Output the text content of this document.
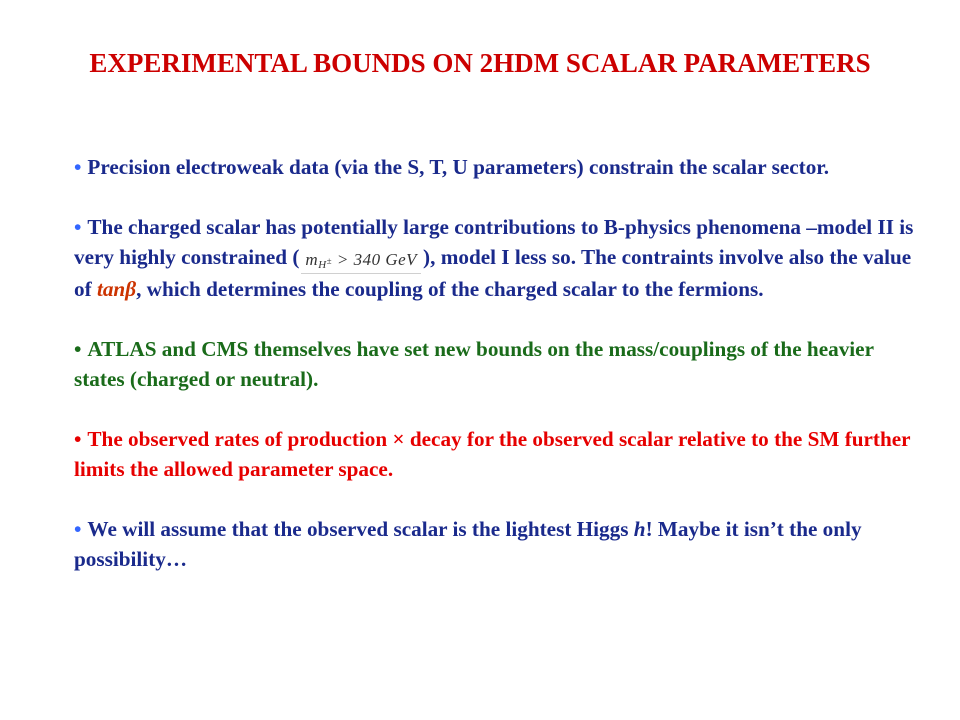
EXPERIMENTAL BOUNDS ON 2HDM SCALAR PARAMETERS

• Precision electroweak data (via the S, T, U parameters) constrain the scalar sector.

• The charged scalar has potentially large contributions to B-physics phenomena –model II is very highly constrained ( $m_{H^\pm} > 340$ GeV ), model I less so. The contraints involve also the value of tanβ, which determines the coupling of the charged scalar to the fermions.

• ATLAS and CMS themselves have set new bounds on the mass/couplings of the heavier states (charged or neutral).

• The observed rates of production × decay for the observed scalar relative to the SM further limits the allowed parameter space.

• We will assume that the observed scalar is the lightest Higgs h! Maybe it isn’t the only possibility…
